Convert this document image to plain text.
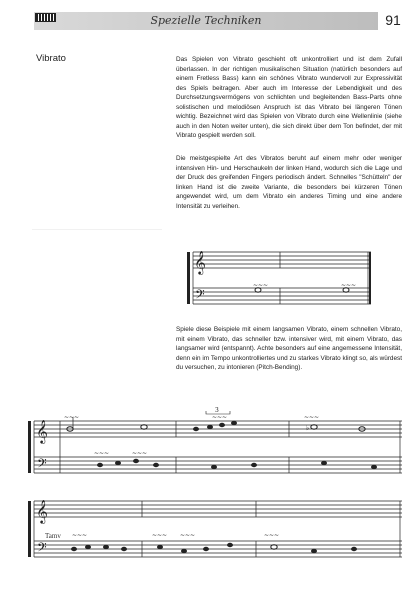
Spezielle Techniken	91
Vibrato	Das Spielen von Vibrato geschieht oft unkontrolliert und ist dem Zufall überlassen. In der richtigen musikalischen Situation (natürlich besonders auf einem Fretless Bass) kann ein schönes Vibrato wundervoll zur Expressivität des Spiels beitragen. Aber auch im Interesse der Lebendigkeit und des Durchsetzungsvermögens von schlichten und begleitenden Bass-Parts ohne solistischen und melodiösen Anspruch ist das Vibrato bei längeren Tönen wichtig. Bezeichnet wird das Spielen von Vibrato durch eine Wellenlinie (siehe auch in den Noten weiter unten), die sich direkt über dem Ton befindet, der mit Vibrato gespielt werden soll.
Die meistgespielte Art des Vibratos beruht auf einem mehr oder weniger intensiven Hin- und Herschaukeln der linken Hand, wodurch sich die Lage und der Druck des greifenden Fingers periodisch ändert. Schnelles "Schütteln" der linken Hand ist die zweite Variante, die besonders bei kürzeren Tönen angewendet wird, um dem Vibrato ein anderes Timing und eine andere Intensität zu verleihen.
Spiele diese Beispiele mit einem langsamen Vibrato, einem schnellen Vibrato, mit einem Vibrato, das schneller bzw. intensiver wird, mit einem Vibrato, das langsamer wird (entspannt). Achte besonders auf eine angemessene Intensität, denn ein im Tempo unkontrolliertes und zu starkes Vibrato klingt so, als würdest du versuchen, zu intonieren (Pitch-Bending).
𝄞
𝄢
~~~	~~~
𝄞
𝄢
~~~	~~~	~~~
~~~	~~~
3
♭
𝄞
𝄢
Tamv ~~~	~~~ ~~~	~~~
